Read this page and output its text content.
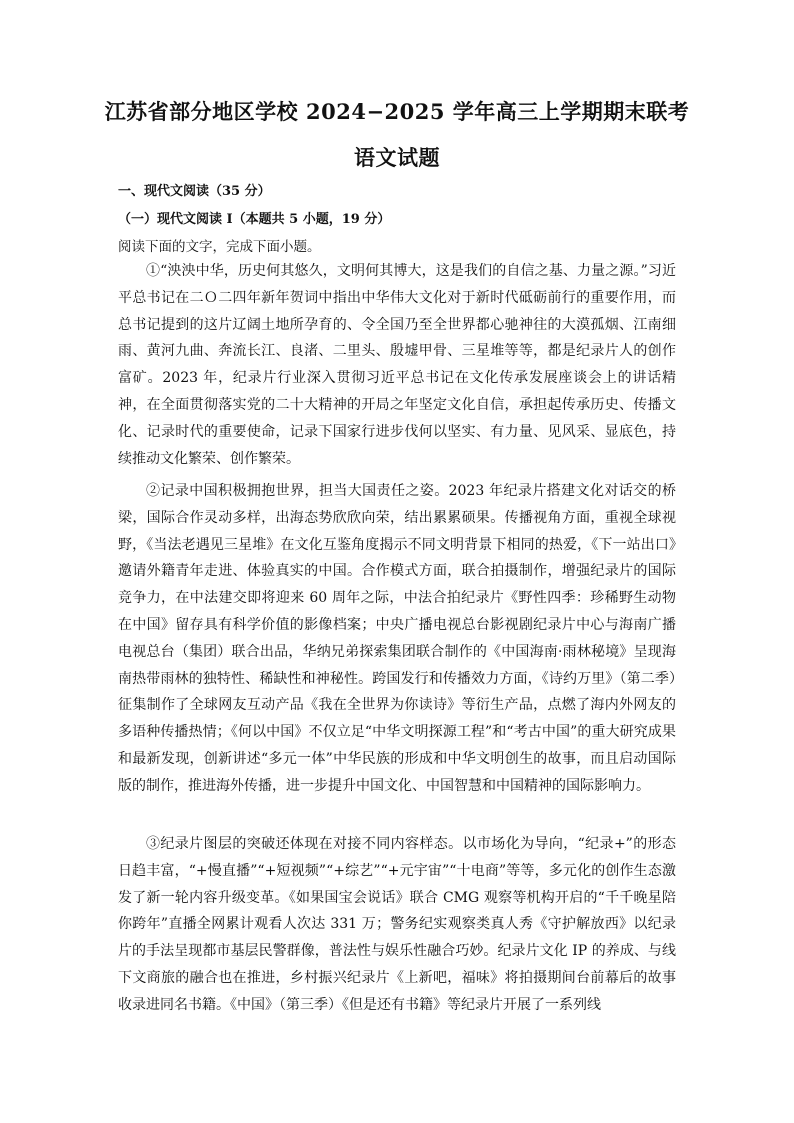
江苏省部分地区学校 2024−2025 学年高三上学期期末联考
语文试题
一、现代文阅读（35 分）
（一）现代文阅读 I（本题共 5 小题，19 分）
阅读下面的文字，完成下面小题。

①“泱泱中华，历史何其悠久，文明何其博大，这是我们的自信之基、力量之源。”习近平总书记在二Ｏ二四年新年贺词中指出中华伟大文化对于新时代砥砺前行的重要作用，而总书记提到的这片辽阔土地所孕育的、令全国乃至全世界都心驰神往的大漠孤烟、江南细雨、黄河九曲、奔流长江、良渚、二里头、殷墟甲骨、三星堆等等，都是纪录片人的创作富矿。2023 年，纪录片行业深入贯彻习近平总书记在文化传承发展座谈会上的讲话精神，在全面贯彻落实党的二十大精神的开局之年坚定文化自信，承担起传承历史、传播文化、记录时代的重要使命，记录下国家行进步伐何以坚实、有力量、见风采、显底色，持续推动文化繁荣、创作繁荣。

②记录中国积极拥抱世界，担当大国责任之姿。2023 年纪录片搭建文化对话交的桥梁，国际合作灵动多样，出海态势欣欣向荣，结出累累硕果。传播视角方面，重视全球视野，《当法老遇见三星堆》在文化互鉴角度揭示不同文明背景下相同的热爱，《下一站出口》邀请外籍青年走进、体验真实的中国。合作模式方面，联合拍摄制作，增强纪录片的国际竞争力，在中法建交即将迎来 60 周年之际，中法合拍纪录片《野性四季：珍稀野生动物在中国》留存具有科学价值的影像档案；中央广播电视总台影视剧纪录片中心与海南广播电视总台（集团）联合出品，华纳兄弟探索集团联合制作的《中国海南·雨林秘境》呈现海南热带雨林的独特性、稀缺性和神秘性。跨国发行和传播效力方面，《诗约万里》（第二季）征集制作了全球网友互动产品《我在全世界为你读诗》等衍生产品，点燃了海内外网友的多语种传播热情；《何以中国》不仅立足“中华文明探源工程”和“考古中国”的重大研究成果和最新发现，创新讲述“多元一体”中华民族的形成和中华文明创生的故事，而且启动国际版的制作，推进海外传播，进一步提升中国文化、中国智慧和中国精神的国际影响力。

③纪录片图层的突破还体现在对接不同内容样态。以市场化为导向，“纪录+”的形态日趋丰富，“+慢直播”“+短视频”“+综艺”“+元宇宙”“十电商”等等，多元化的创作生态激发了新一轮内容升级变革。《如果国宝会说话》联合 CMG 观察等机构开启的“千千晚星陪你跨年”直播全网累计观看人次达 331 万；警务纪实观察类真人秀《守护解放西》以纪录片的手法呈现都市基层民警群像，普法性与娱乐性融合巧妙。纪录片文化 IP 的养成、与线下文商旅的融合也在推进，乡村振兴纪录片《上新吧，福味》将拍摄期间台前幕后的故事收录进同名书籍。《中国》（第三季）《但是还有书籍》等纪录片开展了一系列线
